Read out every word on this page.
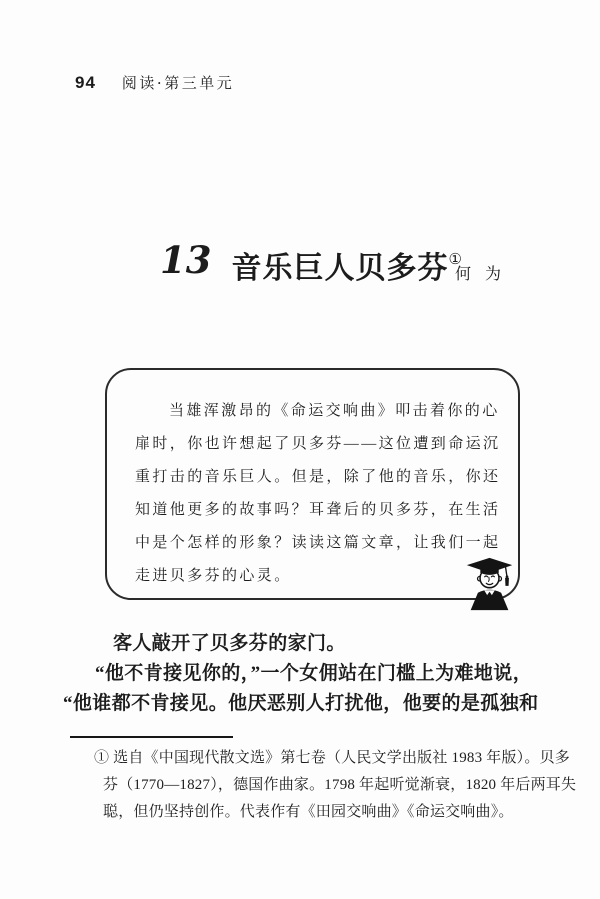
94 阅读·第三单元
13 音乐巨人贝多芬①
何 为
当雄浑激昂的《命运交响曲》叩击着你的心
扉时，你也许想起了贝多芬——这位遭到命运沉
重打击的音乐巨人。但是，除了他的音乐，你还
知道他更多的故事吗？耳聋后的贝多芬，在生活
中是个怎样的形象？读读这篇文章，让我们一起
走进贝多芬的心灵。
客人敲开了贝多芬的家门。
“他不肯接见你的，”一个女佣站在门槛上为难地说，
“他谁都不肯接见。他厌恶别人打扰他，他要的是孤独和
① 选自《中国现代散文选》第七卷（人民文学出版社 1983 年版）。贝多
芬（1770—1827），德国作曲家。1798 年起听觉渐衰，1820 年后两耳失
聪，但仍坚持创作。代表作有《田园交响曲》《命运交响曲》。
